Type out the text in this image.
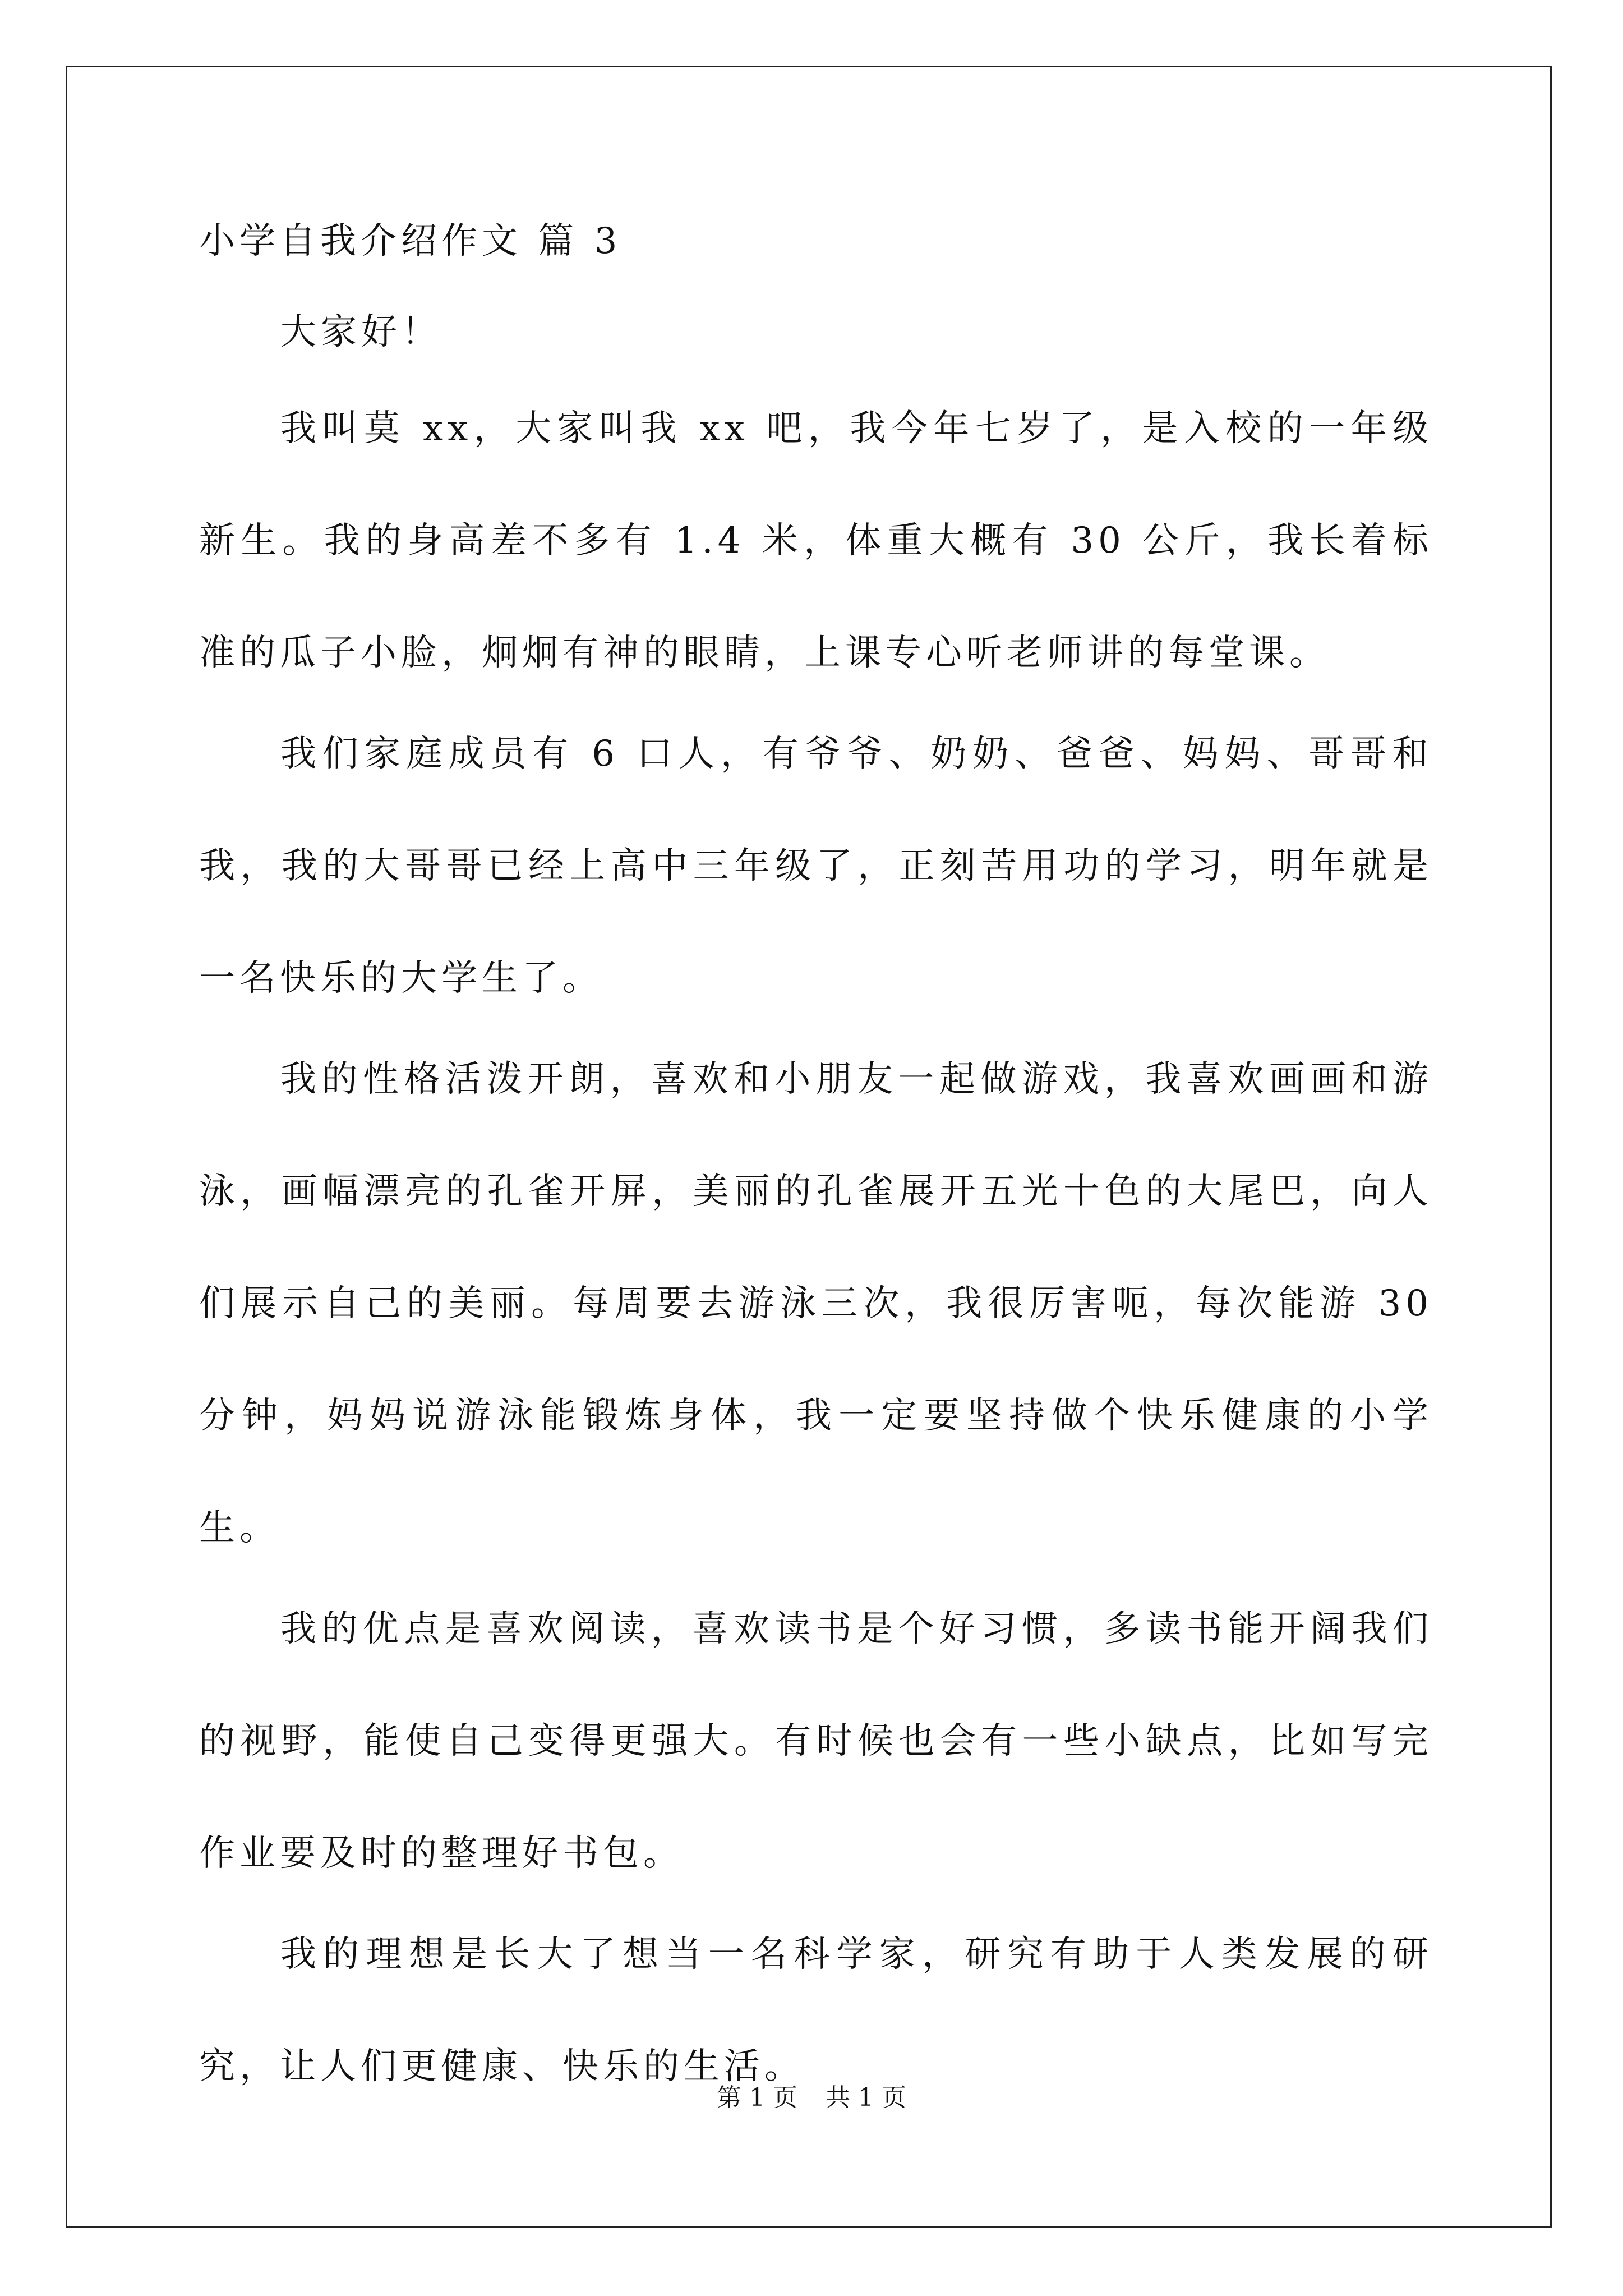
小学自我介绍作文 篇 3

大家好！

我叫莫 xx，大家叫我 xx 吧，我今年七岁了，是入校的一年级新生。我的身高差不多有 1.4 米，体重大概有 30 公斤，我长着标准的瓜子小脸，炯炯有神的眼睛，上课专心听老师讲的每堂课。

我们家庭成员有 6 口人，有爷爷、奶奶、爸爸、妈妈、哥哥和我，我的大哥哥已经上高中三年级了，正刻苦用功的学习，明年就是一名快乐的大学生了。

我的性格活泼开朗，喜欢和小朋友一起做游戏，我喜欢画画和游泳，画幅漂亮的孔雀开屏，美丽的孔雀展开五光十色的大尾巴，向人们展示自己的美丽。每周要去游泳三次，我很厉害呃，每次能游 30 分钟，妈妈说游泳能锻炼身体，我一定要坚持做个快乐健康的小学生。

我的优点是喜欢阅读，喜欢读书是个好习惯，多读书能开阔我们的视野，能使自己变得更强大。有时候也会有一些小缺点，比如写完作业要及时的整理好书包。

我的理想是长大了想当一名科学家，研究有助于人类发展的研究，让人们更健康、快乐的生活。

第 1 页 共 1 页
